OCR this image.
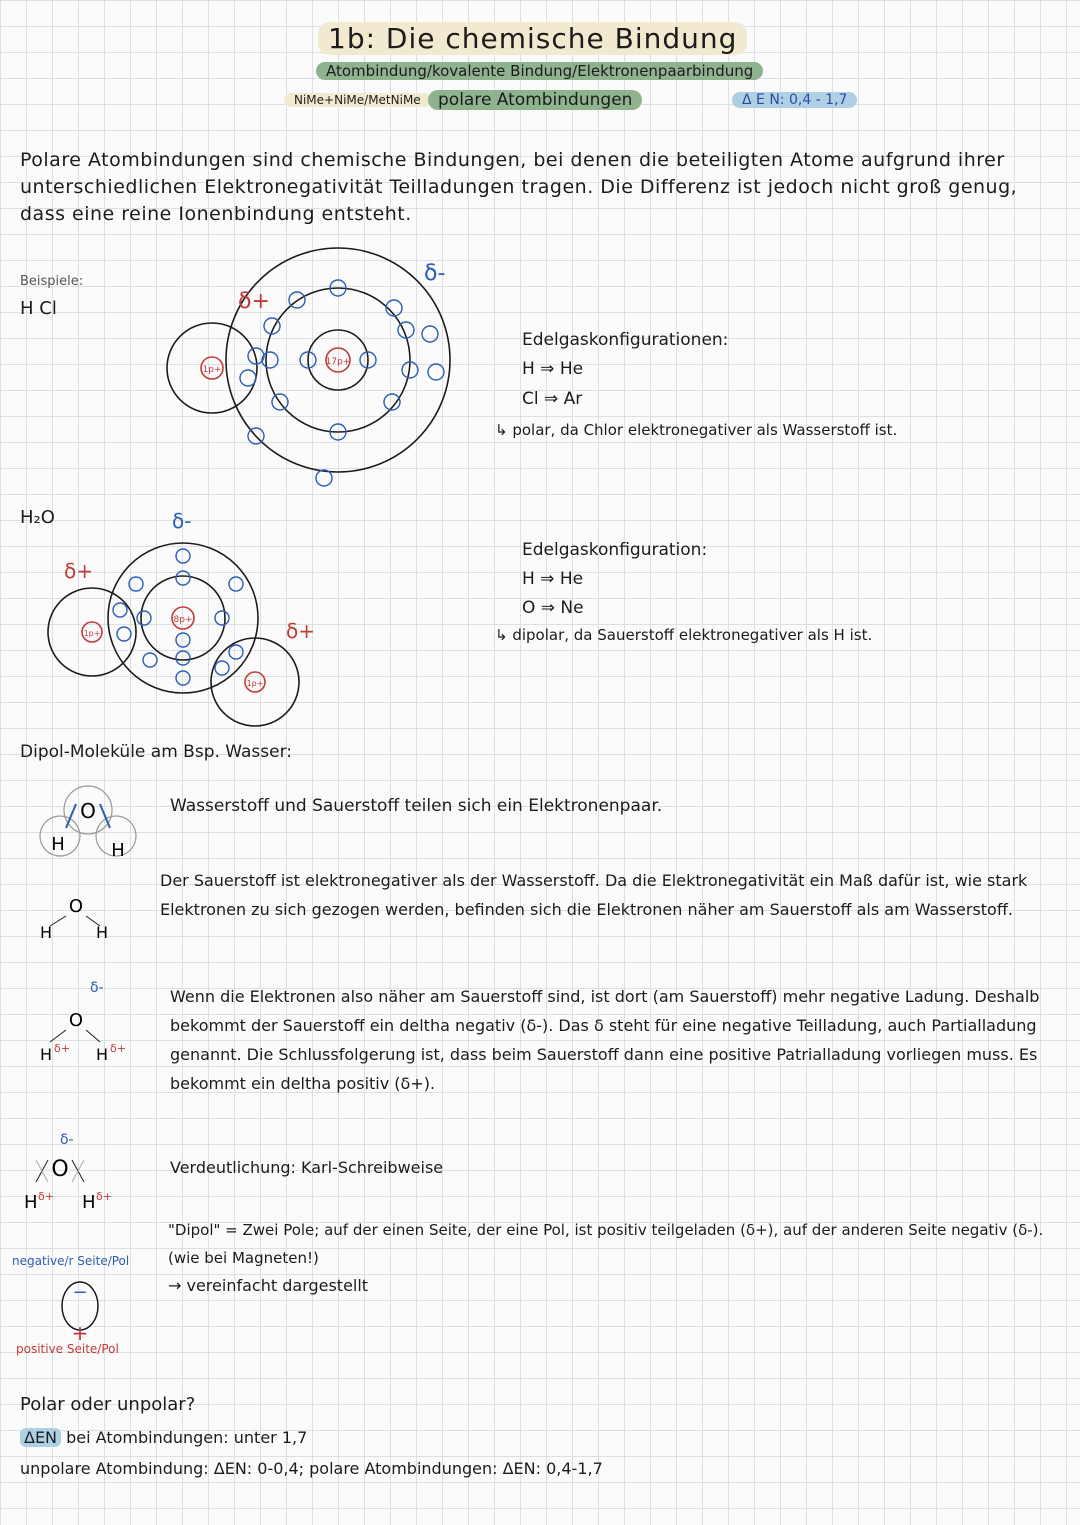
1b: Die chemische Bindung
Atombindung/kovalente Bindung/Elektronenpaarbindung
NiMe+NiMe/MetNiMe	polare Atombindungen	Δ E N: 0,4 - 1,7
Polare Atombindungen sind chemische Bindungen, bei denen die beteiligten Atome aufgrund ihrer unterschiedlichen Elektronegativität Teilladungen tragen. Die Differenz ist jedoch nicht groß genug, dass eine reine Ionenbindung entsteht.
Beispiele:
H Cl
1p+
17p+
δ+
δ-
Edelgaskonfigurationen:
H ⇒ He
Cl ⇒ Ar
↳ polar, da Chlor elektronegativer als Wasserstoff ist.
H₂O
8p+
1p+
1p+
δ-
δ+
δ+
Edelgaskonfiguration:
H ⇒ He
O ⇒ Ne
↳ dipolar, da Sauerstoff elektronegativer als H ist.
Dipol-Moleküle am Bsp. Wasser:
O
H	H
O
H	H
δ-
O
H δ+ H δ+
δ-
O
H δ+ H δ+
Wasserstoff und Sauerstoff teilen sich ein Elektronenpaar.
Der Sauerstoff ist elektronegativer als der Wasserstoff. Da die Elektronegativität ein Maß dafür ist, wie stark Elektronen zu sich gezogen werden, befinden sich die Elektronen näher am Sauerstoff als am Wasserstoff.
Wenn die Elektronen also näher am Sauerstoff sind, ist dort (am Sauerstoff) mehr negative Ladung. Deshalb bekommt der Sauerstoff ein deltha negativ (δ-). Das δ steht für eine negative Teilladung, auch Partialladung genannt. Die Schlussfolgerung ist, dass beim Sauerstoff dann eine positive Patrialladung vorliegen muss. Es bekommt ein deltha positiv (δ+).
Verdeutlichung: Karl-Schreibweise
"Dipol" = Zwei Pole; auf der einen Seite, der eine Pol, ist positiv teilgeladen (δ+), auf der anderen Seite negativ (δ-). (wie bei Magneten!)
→ vereinfacht dargestellt
negative/r Seite/Pol
−
+
positive Seite/Pol
Polar oder unpolar?
ΔEN bei Atombindungen: unter 1,7
unpolare Atombindung: ΔEN: 0-0,4; polare Atombindungen: ΔEN: 0,4-1,7
